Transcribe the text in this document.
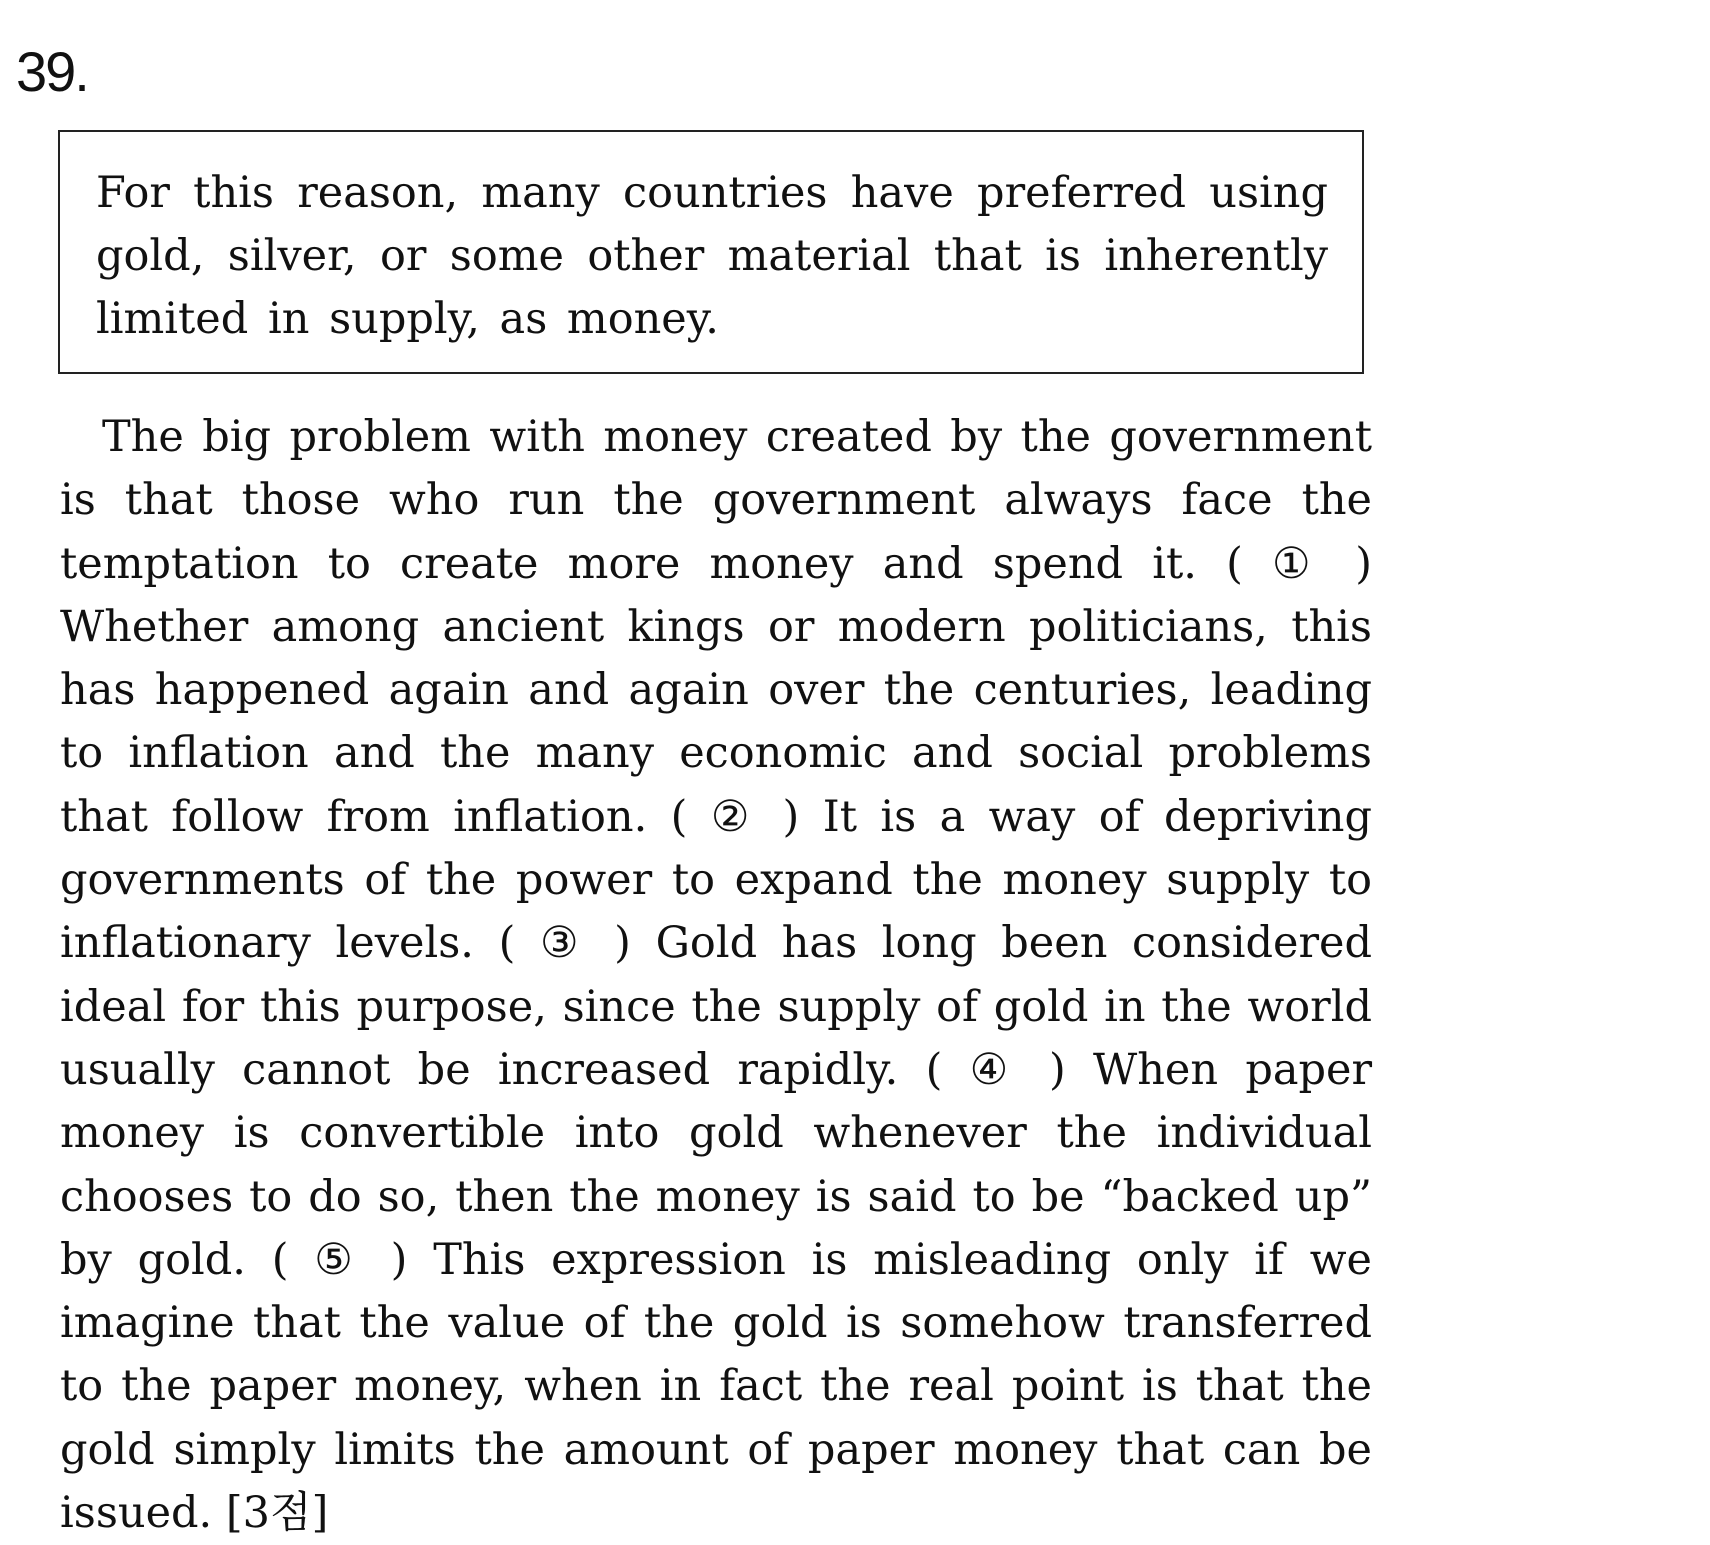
39.

For this reason, many countries have preferred using gold, silver, or some other material that is inherently limited in supply, as money.

The big problem with money created by the government is that those who run the government always face the temptation to create more money and spend it. ( ① ) Whether among ancient kings or modern politicians, this has happened again and again over the centuries, leading to inflation and the many economic and social problems that follow from inflation. ( ② ) It is a way of depriving governments of the power to expand the money supply to inflationary levels. ( ③ ) Gold has long been considered ideal for this purpose, since the supply of gold in the world usually cannot be increased rapidly. ( ④ ) When paper money is convertible into gold whenever the individual chooses to do so, then the money is said to be “backed up” by gold. ( ⑤ ) This expression is misleading only if we imagine that the value of the gold is somehow transferred to the paper money, when in fact the real point is that the gold simply limits the amount of paper money that can be issued. [3점]
